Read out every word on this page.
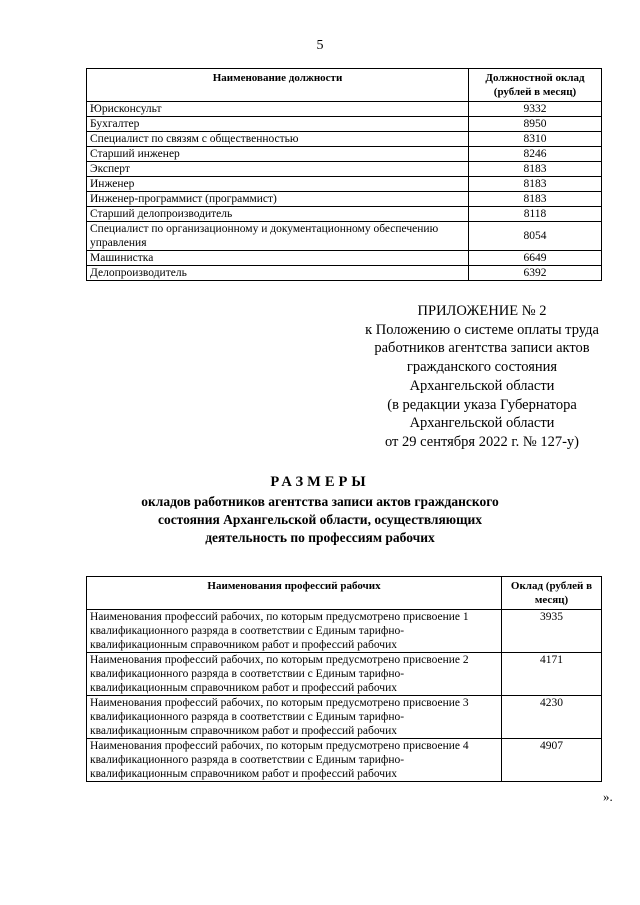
5
Наименование должности	Должностной оклад (рублей в месяц)
Юрисконсульт	9332
Бухгалтер	8950
Специалист по связям с общественностью	8310
Старший инженер	8246
Эксперт	8183
Инженер	8183
Инженер-программист (программист)	8183
Старший делопроизводитель	8118
Специалист по организационному и документационному обеспечению управления	8054
Машинистка	6649
Делопроизводитель	6392
ПРИЛОЖЕНИЕ № 2
к Положению о системе оплаты труда
работников агентства записи актов
гражданского состояния
Архангельской области
(в редакции указа Губернатора
Архангельской области
от 29 сентября 2022 г. № 127-у)
РАЗМЕРЫ
окладов работников агентства записи актов гражданского
состояния Архангельской области, осуществляющих
деятельность по профессиям рабочих
Наименования профессий рабочих	Оклад (рублей в месяц)
Наименования профессий рабочих, по которым предусмотрено присвоение 1 квалификационного разряда в соответствии с Единым тарифно-квалификационным справочником работ и профессий рабочих	3935
Наименования профессий рабочих, по которым предусмотрено присвоение 2 квалификационного разряда в соответствии с Единым тарифно-квалификационным справочником работ и профессий рабочих	4171
Наименования профессий рабочих, по которым предусмотрено присвоение 3 квалификационного разряда в соответствии с Единым тарифно-квалификационным справочником работ и профессий рабочих	4230
Наименования профессий рабочих, по которым предусмотрено присвоение 4 квалификационного разряда в соответствии с Единым тарифно-квалификационным справочником работ и профессий рабочих	4907
».
